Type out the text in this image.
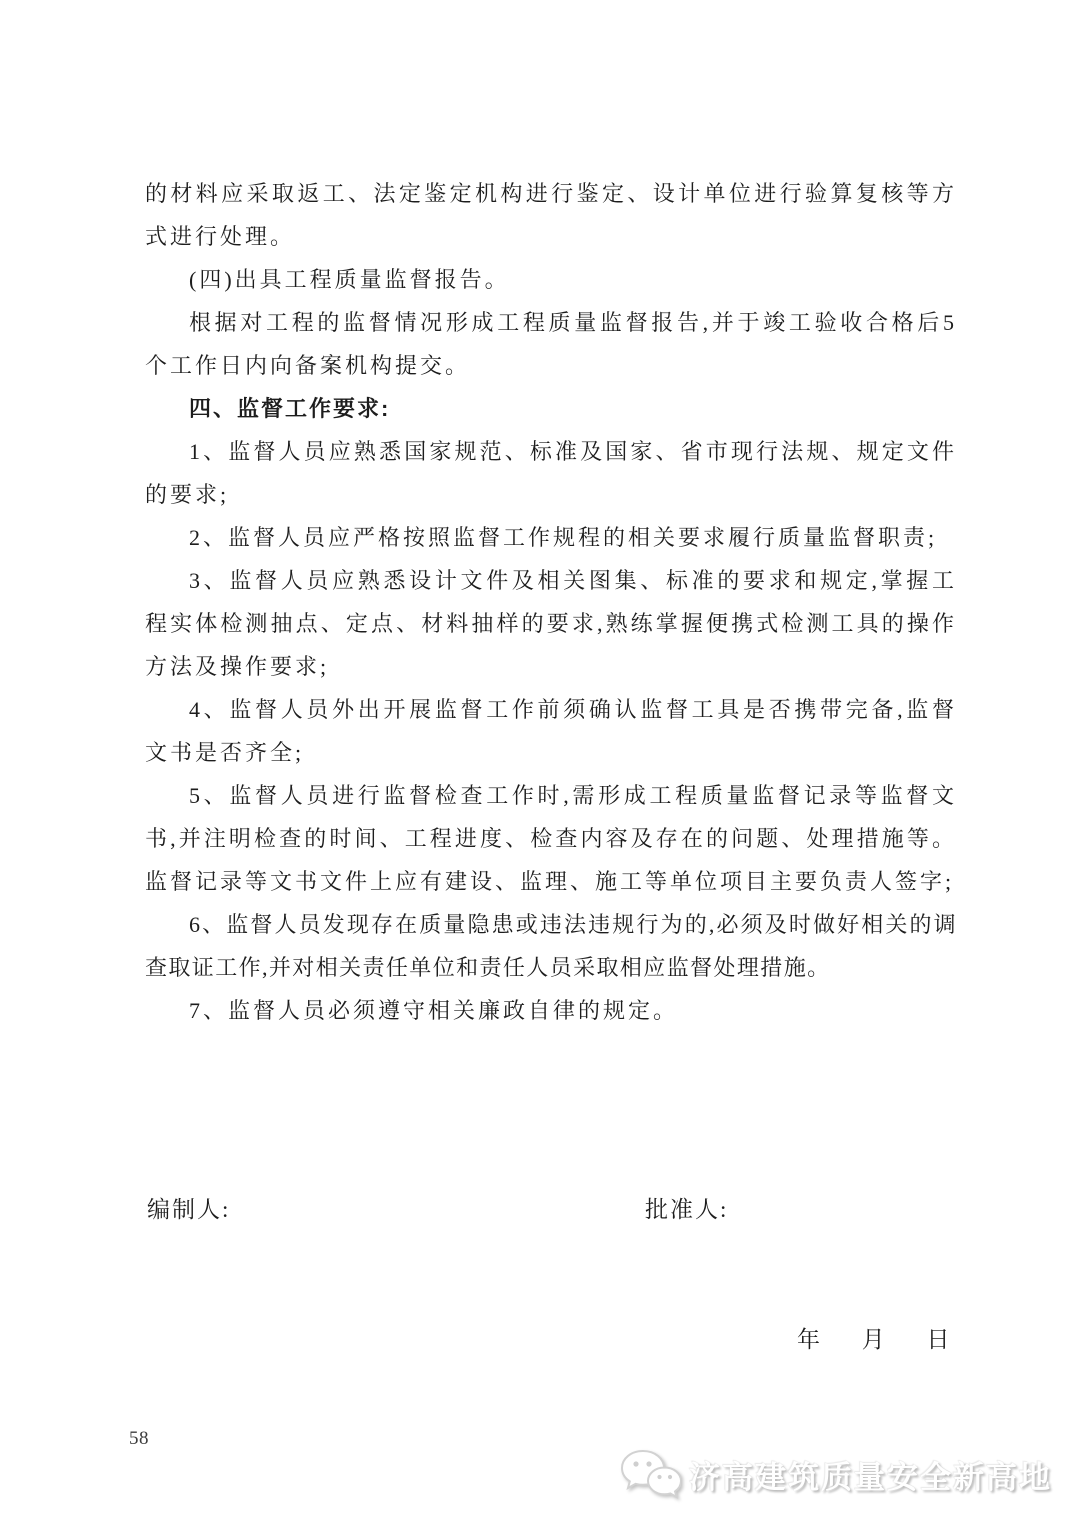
的材料应采取返工、法定鉴定机构进行鉴定、设计单位进行验算复核等方式进行处理。

(四)出具工程质量监督报告。

根据对工程的监督情况形成工程质量监督报告,并于竣工验收合格后5个工作日内向备案机构提交。

四、监督工作要求:

1、监督人员应熟悉国家规范、标准及国家、省市现行法规、规定文件的要求;

2、监督人员应严格按照监督工作规程的相关要求履行质量监督职责;

3、监督人员应熟悉设计文件及相关图集、标准的要求和规定,掌握工程实体检测抽点、定点、材料抽样的要求,熟练掌握便携式检测工具的操作方法及操作要求;

4、监督人员外出开展监督工作前须确认监督工具是否携带完备,监督文书是否齐全;

5、监督人员进行监督检查工作时,需形成工程质量监督记录等监督文书,并注明检查的时间、工程进度、检查内容及存在的问题、处理措施等。监督记录等文书文件上应有建设、监理、施工等单位项目主要负责人签字;

6、监督人员发现存在质量隐患或违法违规行为的,必须及时做好相关的调查取证工作,并对相关责任单位和责任人员采取相应监督处理措施。

7、监督人员必须遵守相关廉政自律的规定。

编制人:	批准人:
年 月 日
58
济高建筑质量安全新高地
